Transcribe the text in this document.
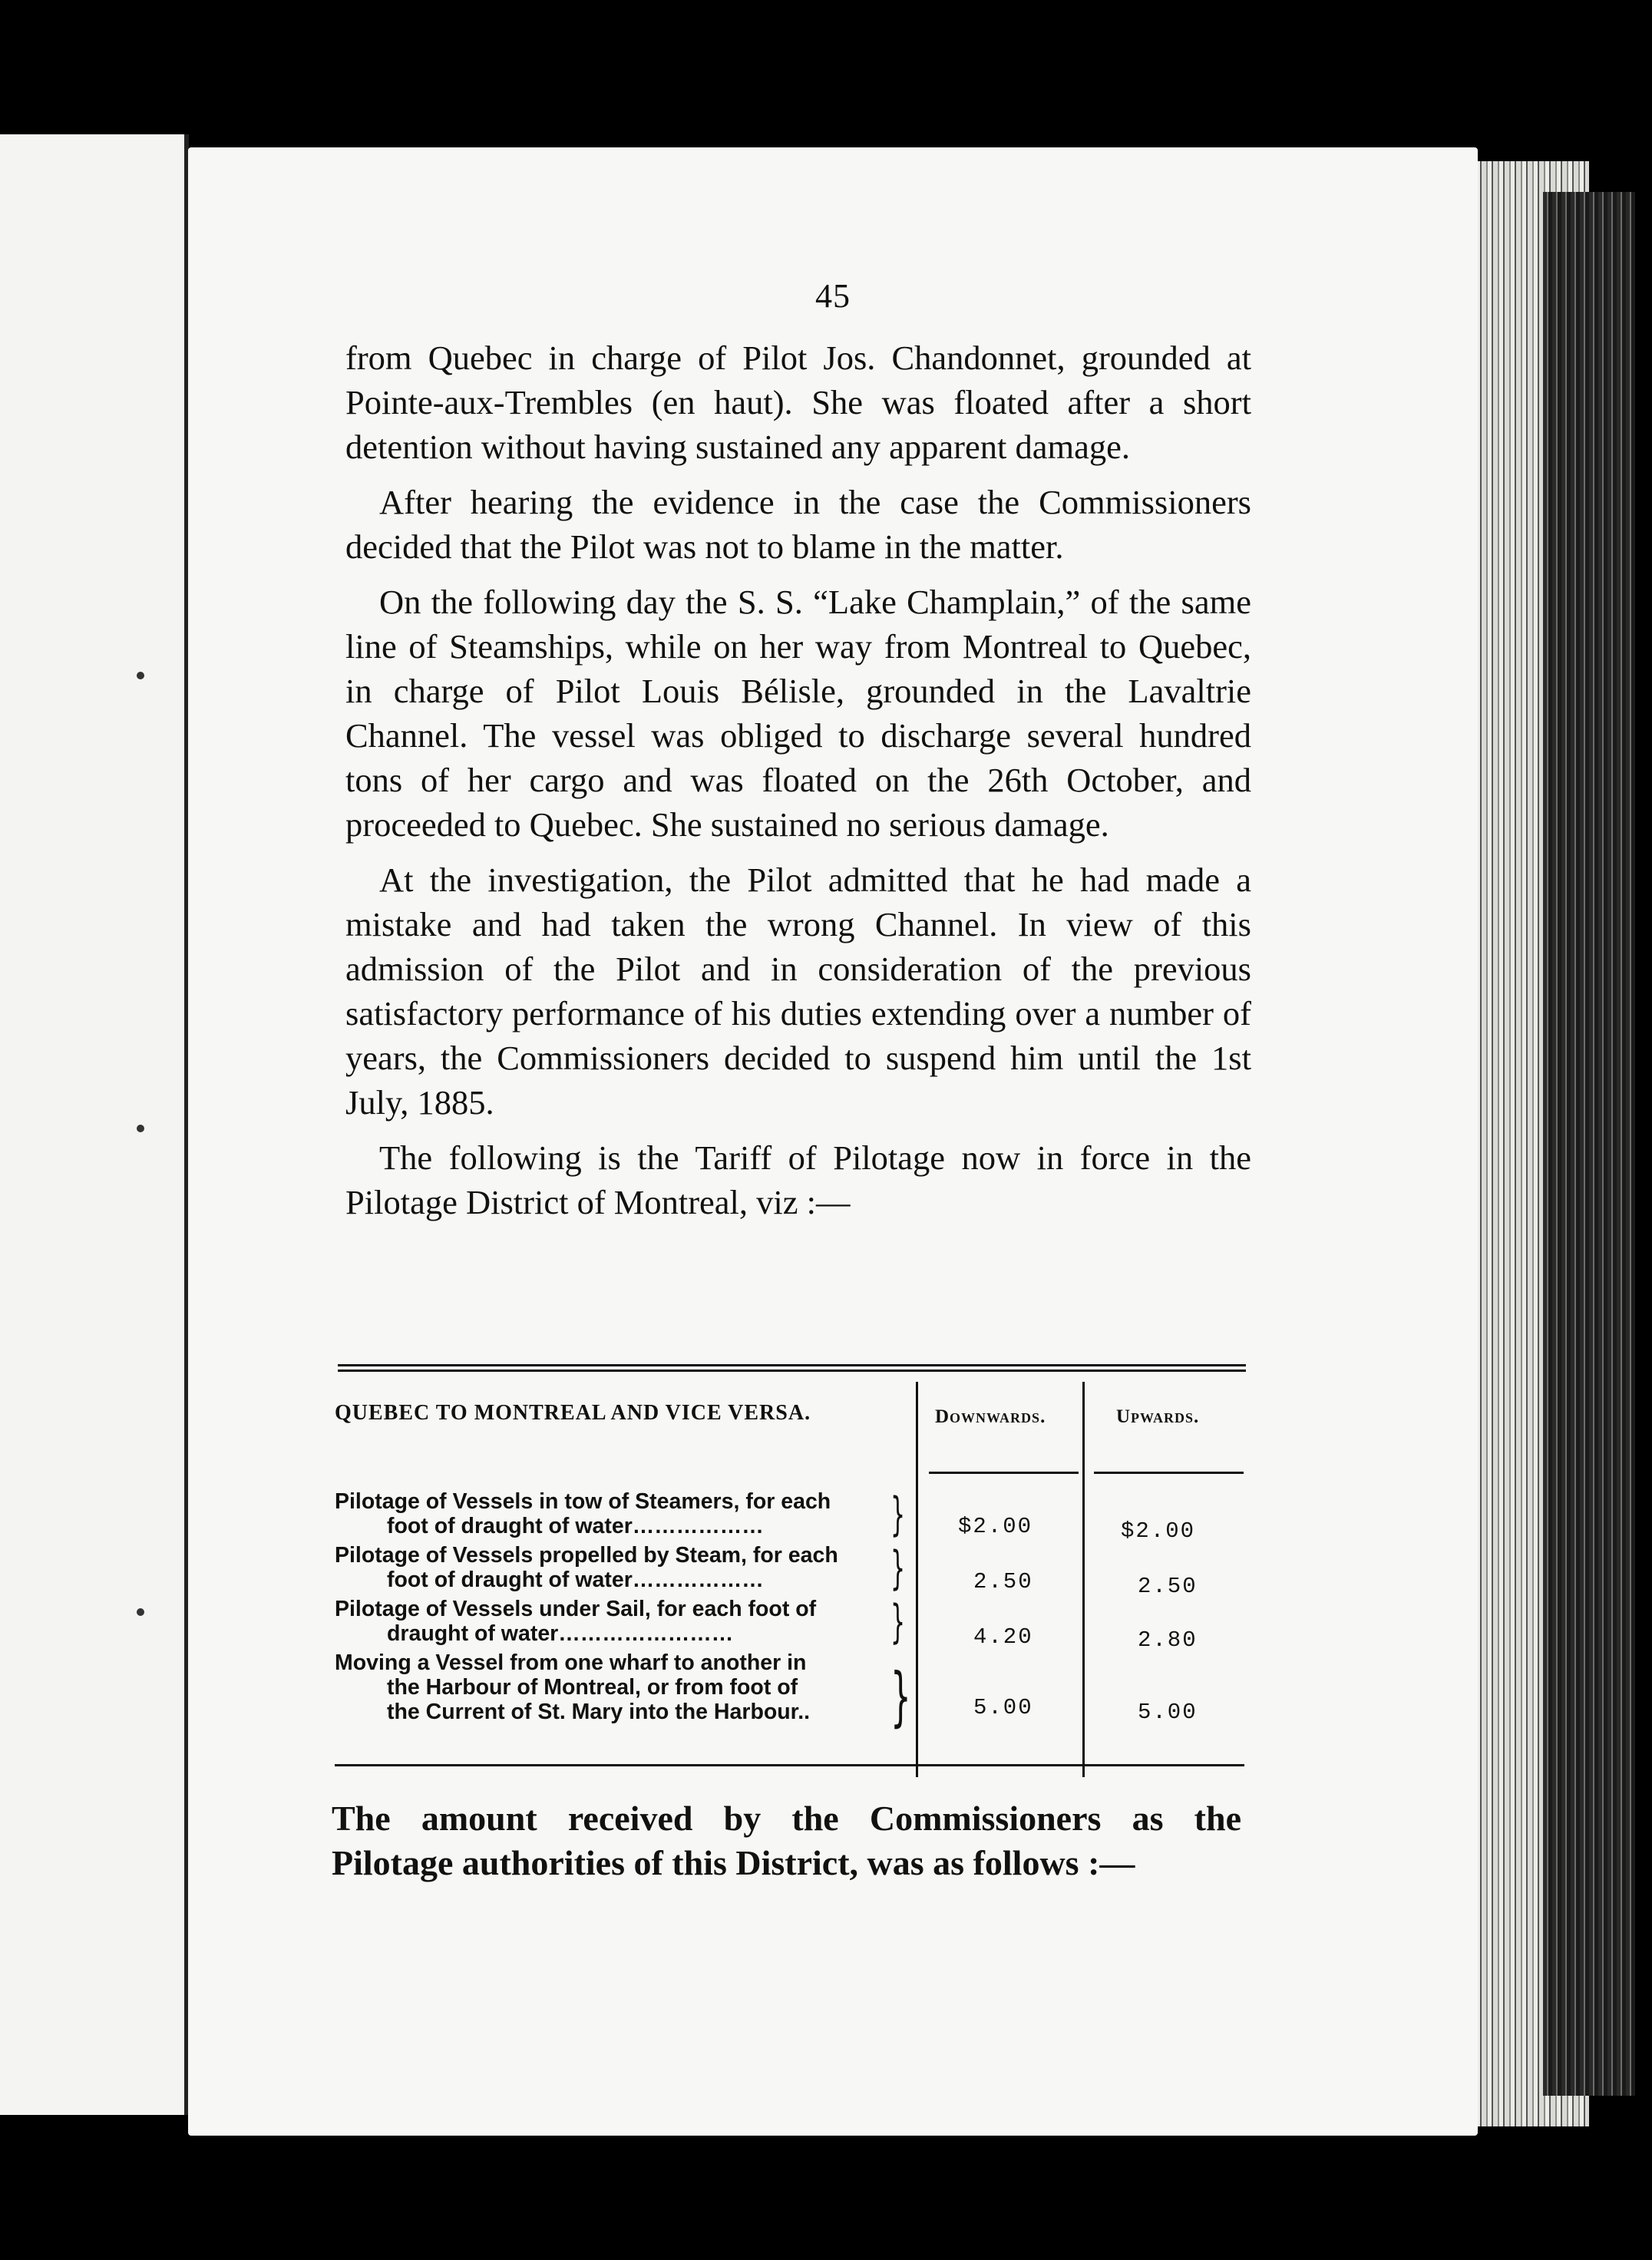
45

from Quebec in charge of Pilot Jos. Chandonnet, grounded at Pointe-aux-Trembles (en haut). She was floated after a short detention without having sustained any apparent damage.

After hearing the evidence in the case the Commissioners decided that the Pilot was not to blame in the matter.

On the following day the S. S. “Lake Champlain,” of the same line of Steamships, while on her way from Montreal to Quebec, in charge of Pilot Louis Bélisle, grounded in the Lavaltrie Channel. The vessel was obliged to discharge several hundred tons of her cargo and was floated on the 26th October, and proceeded to Quebec. She sustained no serious damage.

At the investigation, the Pilot admitted that he had made a mistake and had taken the wrong Channel. In view of this admission of the Pilot and in consideration of the previous satisfactory performance of his duties extending over a number of years, the Commissioners decided to suspend him until the 1st July, 1885.

The following is the Tariff of Pilotage now in force in the Pilotage District of Montreal, viz :—

QUEBEC TO MONTREAL AND VICE VERSA.	Downwards.	Upwards.
Pilotage of Vessels in tow of Steamers, for each
foot of draught of water………………	} $2.00	$2.00
Pilotage of Vessels propelled by Steam, for each
foot of draught of water………………	}	2.50	2.50
Pilotage of Vessels under Sail, for each foot of
draught of water……………………	}	4.20	2.80
Moving a Vessel from one wharf to another in
the Harbour of Montreal, or from foot of
the Current of St. Mary into the Harbour..	}	5.00	5.00
The amount received by the Commissioners as the
Pilotage authorities of this District, was as follows :—
